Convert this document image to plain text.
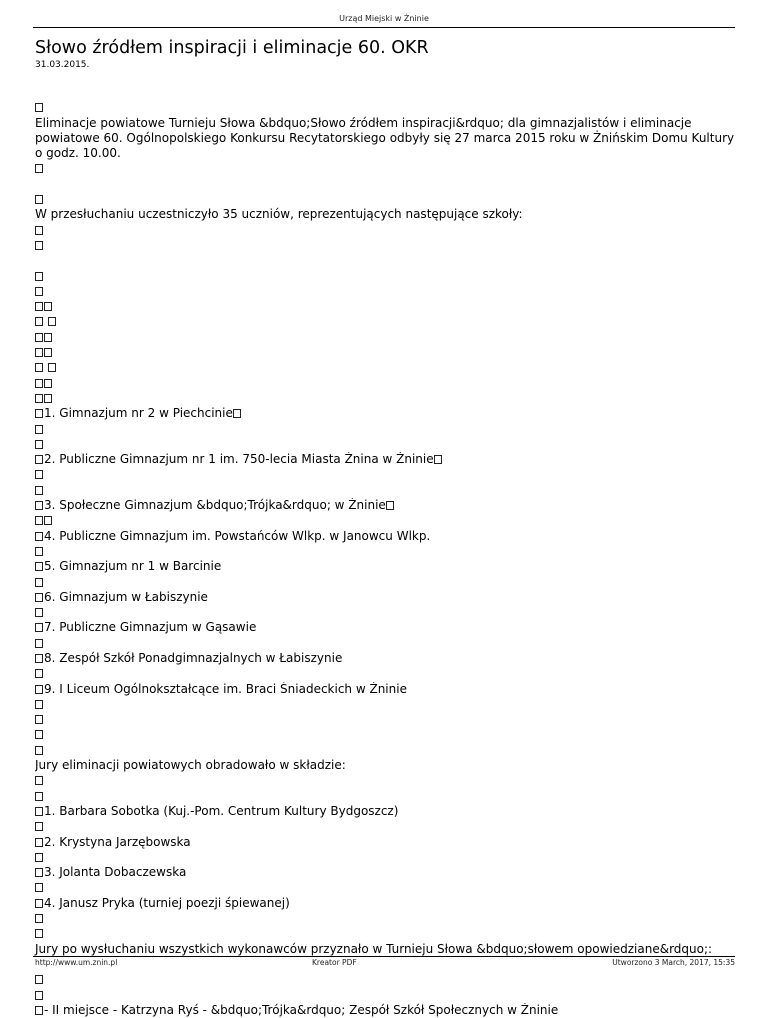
Urząd Miejski w Żninie
Słowo źródłem inspiracji i eliminacje 60. OKR
31.03.2015.
Eliminacje powiatowe Turnieju Słowa &bdquo;Słowo źródłem inspiracji&rdquo; dla gimnazjalistów i eliminacje powiatowe 60. Ogólnopolskiego Konkursu Recytatorskiego odbyły się 27 marca 2015 roku w Żnińskim Domu Kultury o godz. 10.00.
W przesłuchaniu uczestniczyło 35 uczniów, reprezentujących następujące szkoły:
1. Gimnazjum nr 2 w Piechcinie
2. Publiczne Gimnazjum nr 1 im. 750-lecia Miasta Żnina w Żninie
3. Społeczne Gimnazjum &bdquo;Trójka&rdquo; w Żninie
4. Publiczne Gimnazjum im. Powstańców Wlkp. w Janowcu Wlkp.
5. Gimnazjum nr 1 w Barcinie
6. Gimnazjum w Łabiszynie
7. Publiczne Gimnazjum w Gąsawie
8. Zespół Szkół Ponadgimnazjalnych w Łabiszynie
9. I Liceum Ogólnokształcące im. Braci Śniadeckich w Żninie
Jury eliminacji powiatowych obradowało w składzie:
1. Barbara Sobotka (Kuj.-Pom. Centrum Kultury Bydgoszcz)
2. Krystyna Jarzębowska
3. Jolanta Dobaczewska
4. Janusz Pryka (turniej poezji śpiewanej)
Jury po wysłuchaniu wszystkich wykonawców przyznało w Turnieju Słowa &bdquo;słowem opowiedziane&rdquo;:
- II miejsce - Katrzyna Ryś - &bdquo;Trójka&rdquo; Zespół Szkół Społecznych w Żninie
http://www.um.znin.pl	Kreator PDF	Utworzono 3 March, 2017, 15:35
